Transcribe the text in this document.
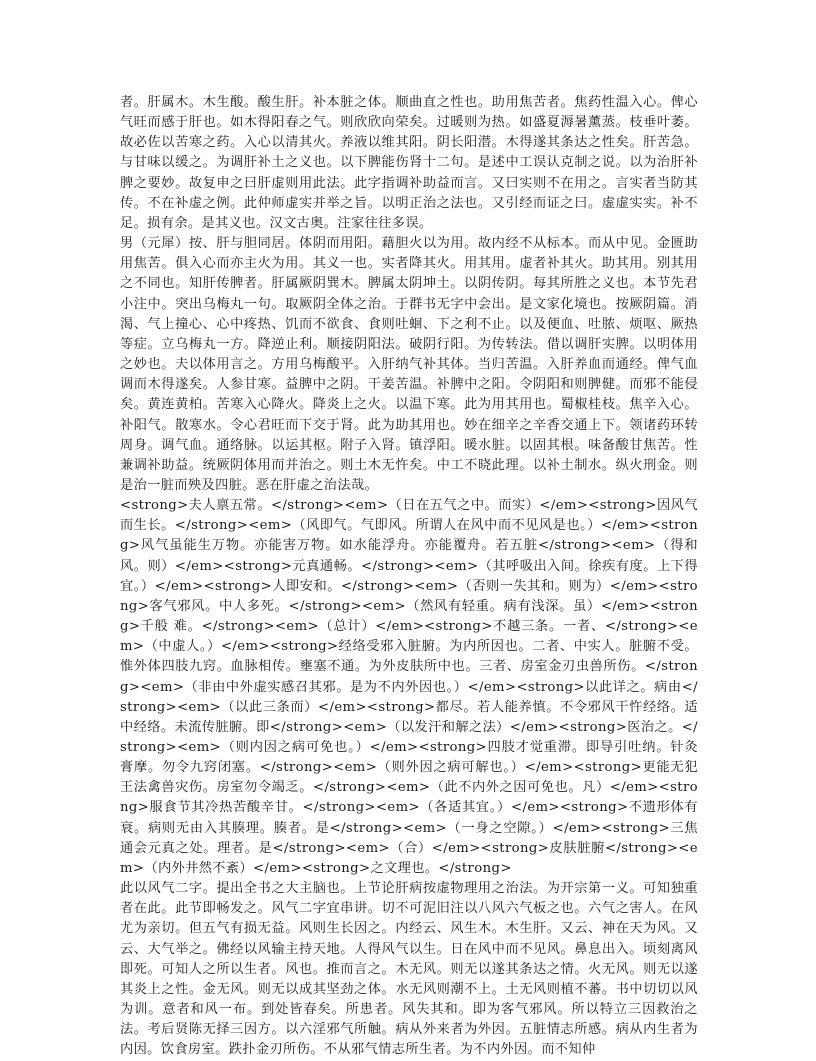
者。肝属木。木生酸。酸生肝。补本脏之体。顺曲直之性也。助用焦苦者。焦药性温入心。俾心气旺而感于肝也。如木得阳春之气。则欣欣向荣矣。过暖则为热。如盛夏溽暑薰蒸。枝垂叶萎。故必佐以苦寒之药。入心以清其火。养液以维其阳。阴长阳潜。木得遂其条达之性矣。肝苦急。与甘味以缓之。为调肝补土之义也。以下脾能伤肾十二句。是述中工误认克制之说。以为治肝补脾之要妙。故复申之曰肝虚则用此法。此字指调补助益而言。又曰实则不在用之。言实者当防其传。不在补虚之例。此仲师虚实并举之旨。以明正治之法也。又引经而证之曰。虚虚实实。补不足。损有余。是其义也。汉文古奥。注家往往多误。

男（元犀）按、肝与胆同居。体阴而用阳。藉胆火以为用。故内经不从标本。而从中见。金匮助用焦苦。俱入心而亦主火为用。其义一也。实者降其火。用其用。虚者补其火。助其用。别其用之不同也。知肝传脾者。肝属厥阴巽木。脾属太阴坤土。以阴传阴。每其所胜之义也。本节先君小注中。突出乌梅丸一句。取厥阴全体之治。于群书无字中会出。是文家化境也。按厥阴篇。消渴、气上撞心、心中疼热、饥而不欲食、食则吐蛔、下之利不止。以及便血、吐脓、烦呕、厥热等症。立乌梅丸一方。降逆止利。顺接阴阳法。破阴行阳。为传转法。借以调肝实脾。以明体用之妙也。夫以体用言之。方用乌梅酸平。入肝纳气补其体。当归苦温。入肝养血而通经。俾气血调而木得遂矣。人参甘寒。益脾中之阴。干姜苦温。补脾中之阳。令阴阳和则脾健。而邪不能侵矣。黄连黄柏。苦寒入心降火。降炎上之火。以温下寒。此为用其用也。蜀椒桂枝。焦辛入心。补阳气。散寒水。令心君旺而下交于肾。此为助其用也。妙在细辛之辛香交通上下。领诸药环转周身。调气血。通络脉。以运其枢。附子入肾。镇浮阳。暖水脏。以固其根。味备酸甘焦苦。性兼调补助益。统厥阴体用而并治之。则土木无忤矣。中工不晓此理。以补土制水。纵火刑金。则是治一脏而殃及四脏。恶在肝虚之治法哉。

<strong>夫人禀五常。</strong><em>（日在五气之中。而实）</em><strong>因风气而生长。</strong><em>（风即气。气即风。所谓人在风中而不见风是也。）</em><strong>风气虽能生万物。亦能害万物。如水能浮舟。亦能覆舟。若五脏</strong><em>（得和风。则）</em><strong>元真通畅。</strong><em>（其呼吸出入间。徐疾有度。上下得宜。）</em><strong>人即安和。</strong><em>（否则一失其和。则为）</em><strong>客气邪风。中人多死。</strong><em>（然风有轻重。病有浅深。虽）</em><strong>千般 难。</strong><em>（总计）</em><strong>不越三条。一者、</strong><em>（中虚人。）</em><strong>经络受邪入脏腑。为内所因也。二者、中实人。脏腑不受。惟外体四肢九窍。血脉相传。壅塞不通。为外皮肤所中也。三者、房室金刃虫兽所伤。</strong><em>（非由中外虚实感召其邪。是为不内外因也。）</em><strong>以此详之。病由</strong><em>（以此三条而）</em><strong>都尽。若人能养慎。不令邪风干忤经络。适中经络。未流传脏腑。即</strong><em>（以发汗和解之法）</em><strong>医治之。</strong><em>（则内因之病可免也。）</em><strong>四肢才觉重滞。即导引吐纳。针灸膏摩。勿令九窍闭塞。</strong><em>（则外因之病可解也。）</em><strong>更能无犯王法禽兽灾伤。房室勿令竭乏。</strong><em>（此不内外之因可免也。凡）</em><strong>服食节其冷热苦酸辛甘。</strong><em>（各适其宜。）</em><strong>不遗形体有衰。病则无由入其腠理。腠者。是</strong><em>（一身之空隙。）</em><strong>三焦通会元真之处。理者。是</strong><em>（合）</em><strong>皮肤脏腑</strong><em>（内外井然不紊）</em><strong>之文理也。</strong>

此以风气二字。提出全书之大主脑也。上节论肝病按虚物理用之治法。为开宗第一义。可知独重者在此。此节即畅发之。风气二字宜串讲。切不可泥旧注以八风六气板之也。六气之害人。在风尤为亲切。但五气有损无益。风则生长因之。内经云、风生木。木生肝。又云、神在天为风。又云、大气举之。佛经以风输主持天地。人得风气以生。日在风中而不见风。鼻息出入。顷刻离风即死。可知人之所以生者。风也。推而言之。木无风。则无以遂其条达之情。火无风。则无以遂其炎上之性。金无风。则无以成其坚劲之体。水无风则潮不上。土无风则植不蕃。书中切切以风为训。意者和风一布。到处皆春矣。所患者。风失其和。即为客气邪风。所以特立三因救治之法。考后贤陈无择三因方。以六淫邪气所触。病从外来者为外因。五脏情志所感。病从内生者为内因。饮食房室。跌扑金刃所伤。不从邪气情志所生者。为不内外因。而不知仲
